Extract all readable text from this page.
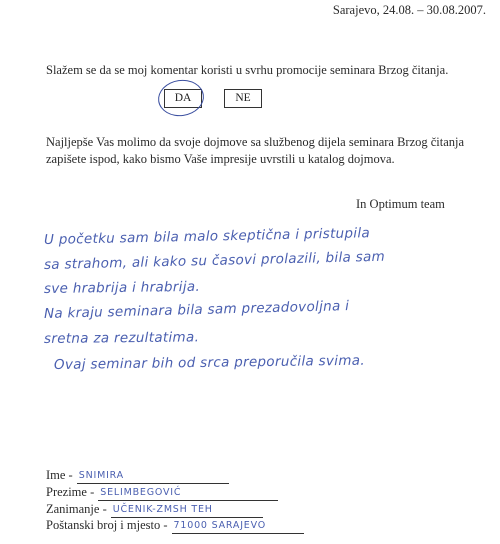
Sarajevo, 24.08. – 30.08.2007.
Slažem se da se moj komentar koristi u svrhu promocije seminara Brzog čitanja.
DA	NE
Najljepše Vas molimo da svoje dojmove sa službenog dijela seminara Brzog čitanja zapišete ispod, kako bismo Vaše impresije uvrstili u katalog dojmova.
In Optimum team
U početku sam bila malo skeptična i pristupila
sa strahom, ali kako su časovi prolazili, bila sam
sve hrabrija i hrabrija.
Na kraju seminara bila sam prezadovoljna i
sretna za rezultatima.
Ovaj seminar bih od srca preporučila svima.
Ime - SNIMIRA
Prezime - SELIMBEGOVIĆ
Zanimanje - UČENIK-ZMSH TEH
Poštanski broj i mjesto - 71000 SARAJEVO
